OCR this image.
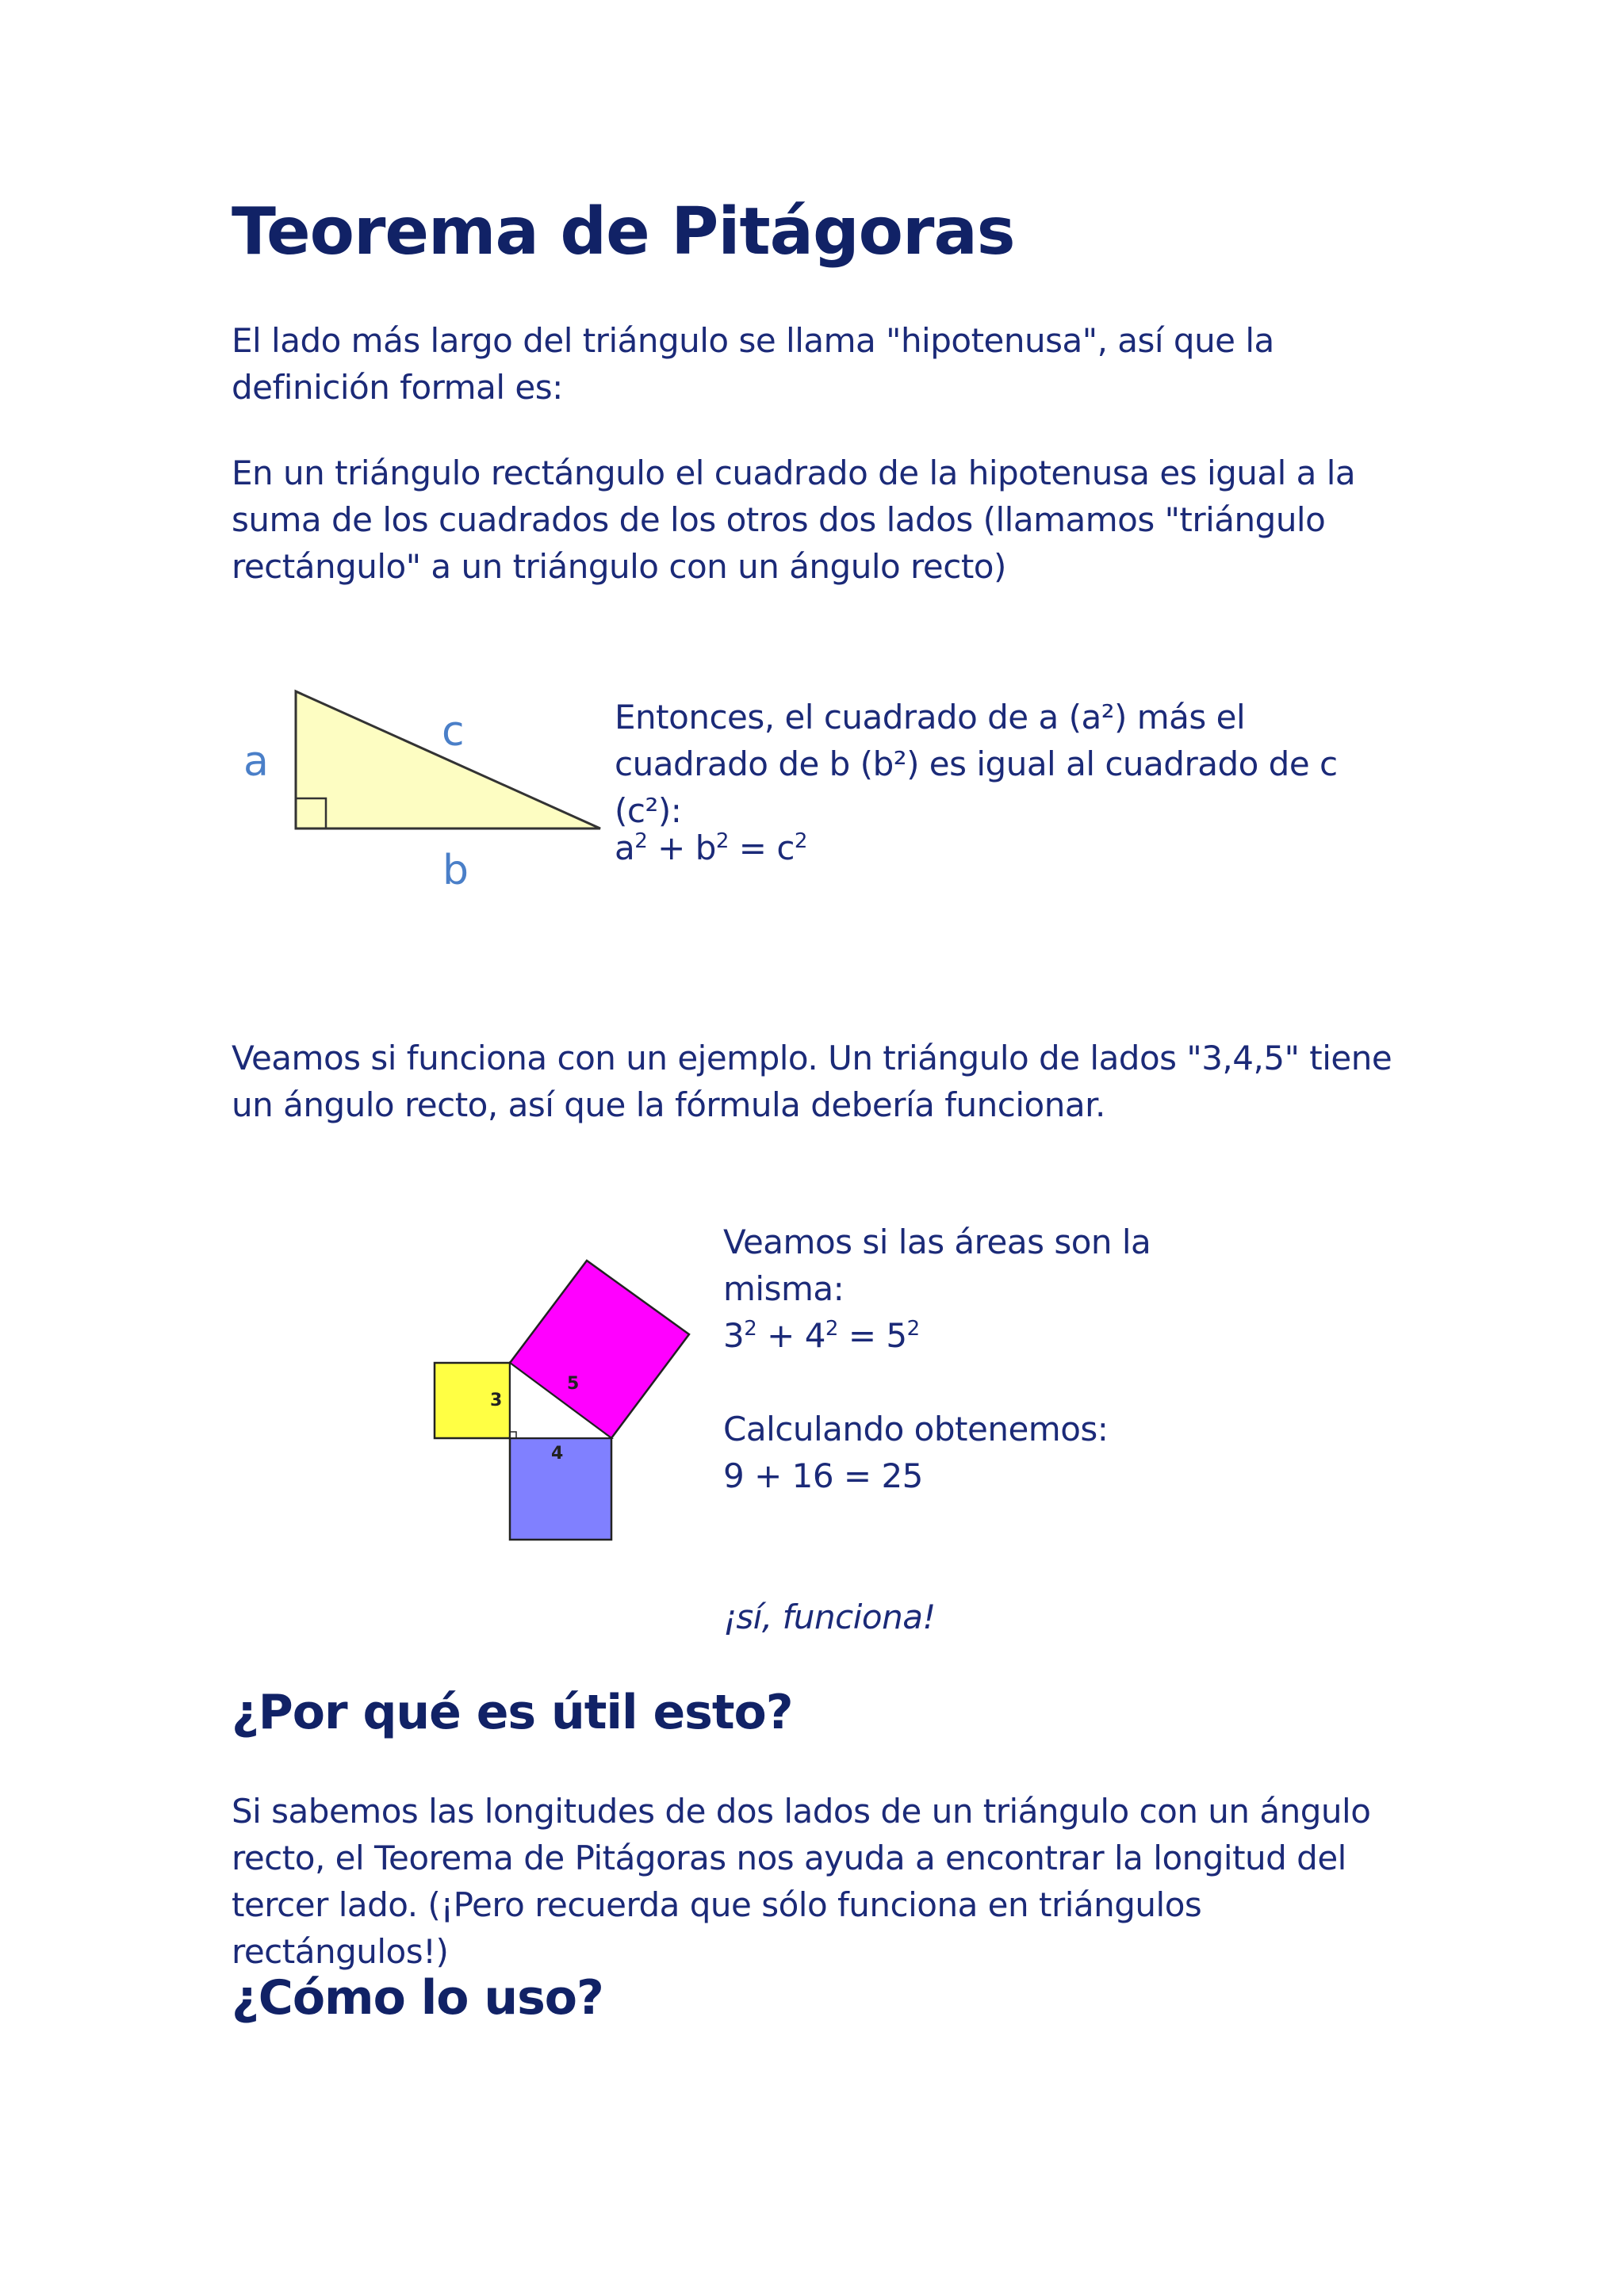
Teorema de Pitágoras

El lado más largo del triángulo se llama "hipotenusa", así que la definición formal es:

En un triángulo rectángulo el cuadrado de la hipotenusa es igual a la suma de los cuadrados de los otros dos lados (llamamos "triángulo rectángulo" a un triángulo con un ángulo recto)

a
b
c	Entonces, el cuadrado de a (a²) más el cuadrado de b (b²) es igual al cuadrado de c (c²):

$a^2 + b^2 = c^2$

Veamos si funciona con un ejemplo. Un triángulo de lados "3,4,5" tiene un ángulo recto, así que la fórmula debería funcionar.

3
4
5

Veamos si las áreas son la misma:

$3^2 + 4^2 = 5^2$

Calculando obtenemos:

9 + 16 = 25

¡sí, funciona!

¿Por qué es útil esto?

Si sabemos las longitudes de dos lados de un triángulo con un ángulo recto, el Teorema de Pitágoras nos ayuda a encontrar la longitud del tercer lado. (¡Pero recuerda que sólo funciona en triángulos rectángulos!)

¿Cómo lo uso?
